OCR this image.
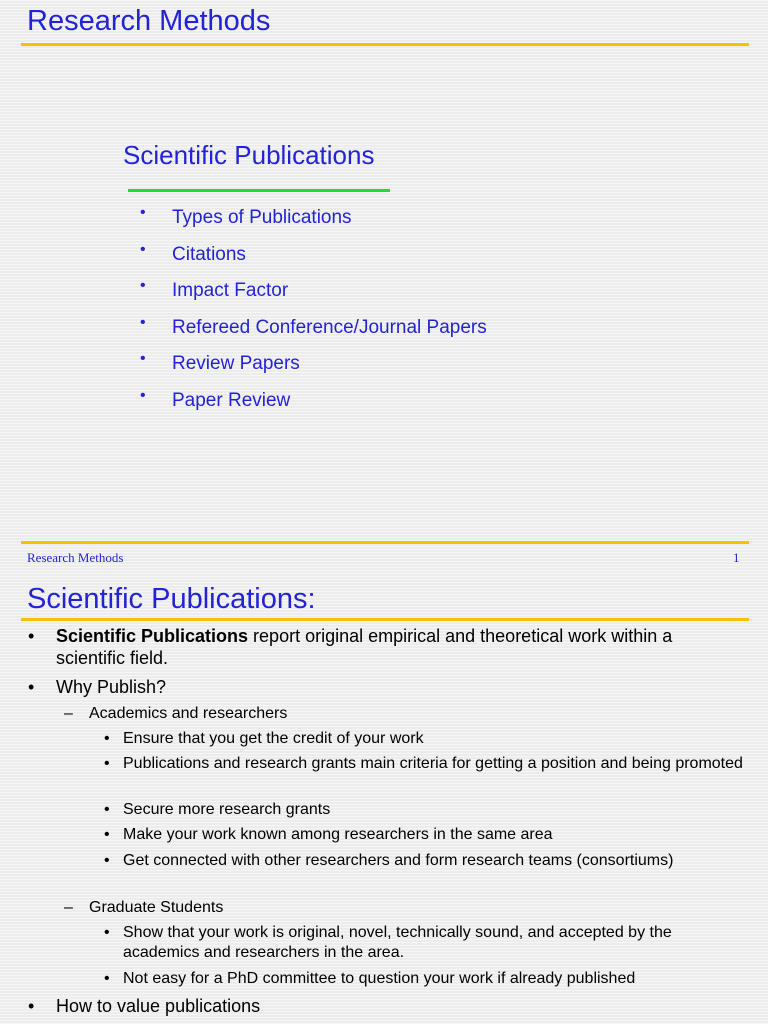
Research Methods
Scientific Publications
• Types of Publications
• Citations
• Impact Factor
• Refereed Conference/Journal Papers
• Review Papers
• Paper Review
Research Methods	1
Scientific Publications:
• Scientific Publications report original empirical and theoretical work within a scientific field.
• Why Publish?
– Academics and researchers
• Ensure that you get the credit of your work
• Publications and research grants main criteria for getting a position and being promoted
• Secure more research grants
• Make your work known among researchers in the same area
• Get connected with other researchers and form research teams (consortiums)
– Graduate Students
• Show that your work is original, novel, technically sound, and accepted by the academics and researchers in the area.
• Not easy for a PhD committee to question your work if already published
• How to value publications
